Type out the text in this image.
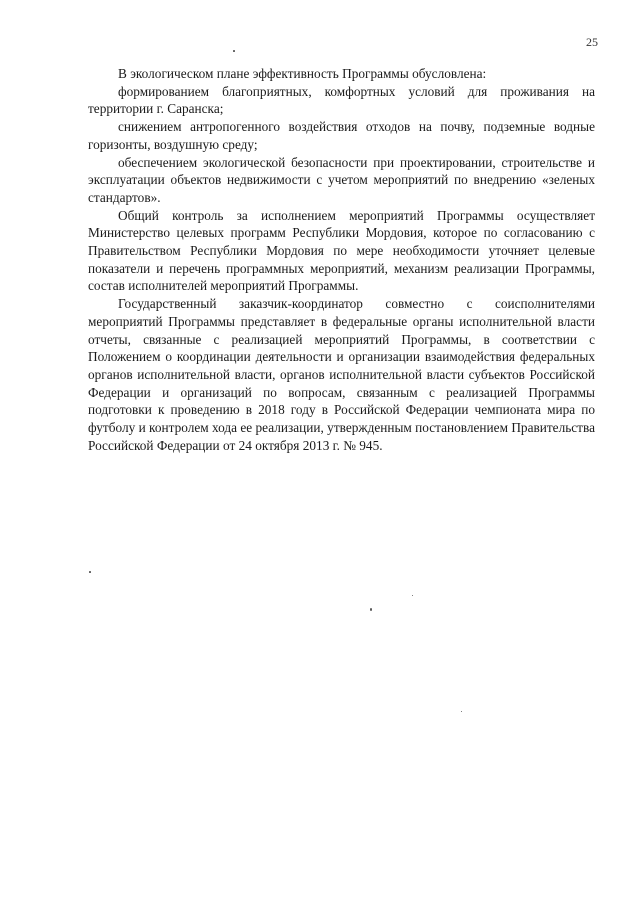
25

В экологическом плане эффективность Программы обусловлена:

формированием благоприятных, комфортных условий для проживания на территории г. Саранска;

снижением антропогенного воздействия отходов на почву, подземные водные горизонты, воздушную среду;

обеспечением экологической безопасности при проектировании, строительстве и эксплуатации объектов недвижимости с учетом мероприятий по внедрению «зеленых стандартов».

Общий контроль за исполнением мероприятий Программы осуществляет Министерство целевых программ Республики Мордовия, которое по согласованию с Правительством Республики Мордовия по мере необходимости уточняет целевые показатели и перечень программных мероприятий, механизм реализации Программы, состав исполнителей мероприятий Программы.

Государственный заказчик-координатор совместно с соисполнителями мероприятий Программы представляет в федеральные органы исполнительной власти отчеты, связанные с реализацией мероприятий Программы, в соответствии с Положением о координации деятельности и организации взаимодействия федеральных органов исполнительной власти, органов исполнительной власти субъектов Российской Федерации и организаций по вопросам, связанным с реализацией Программы подготовки к проведению в 2018 году в Российской Федерации чемпионата мира по футболу и контролем хода ее реализации, утвержденным постановлением Правительства Российской Федерации от 24 октября 2013 г. № 945.
